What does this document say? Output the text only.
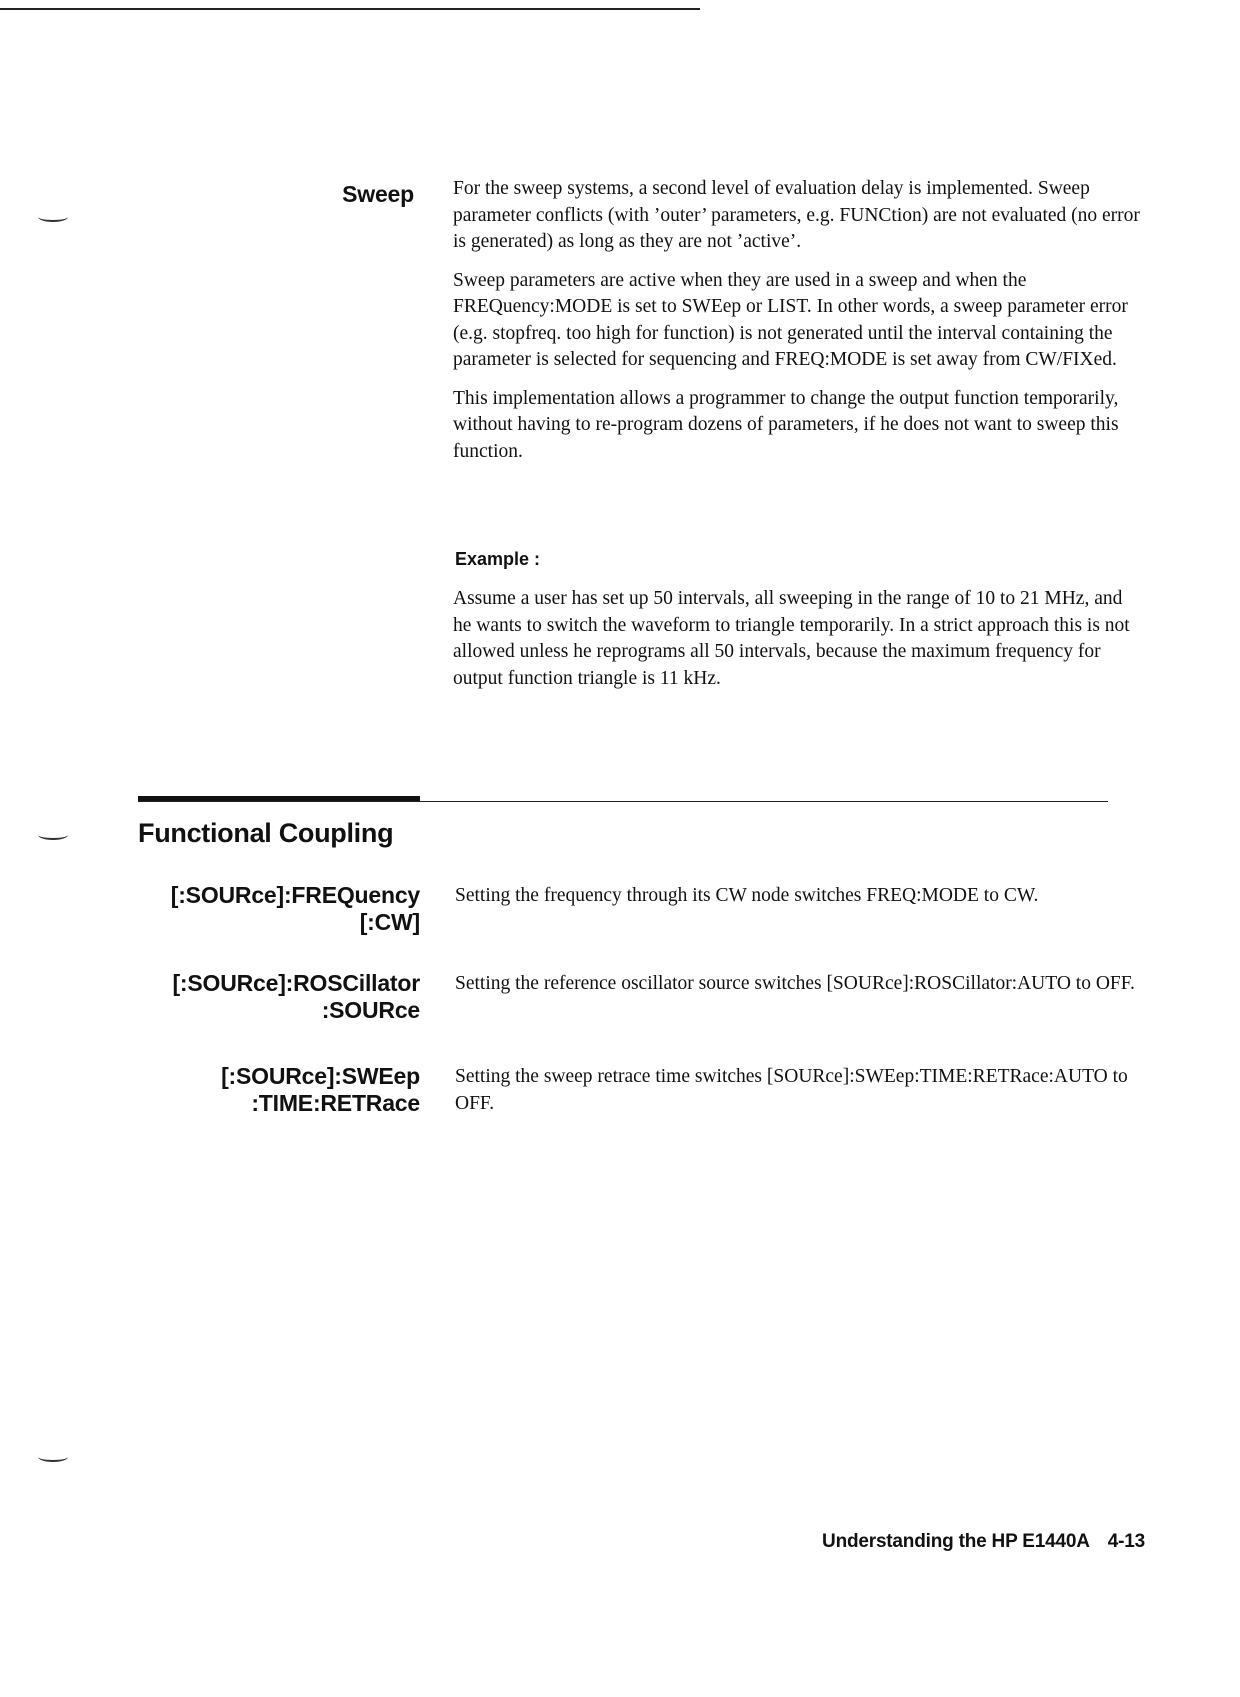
Sweep For the sweep systems, a second level of evaluation delay is implemented. Sweep parameter conflicts (with ’outer’ parameters, e.g. FUNCtion) are not evaluated (no error is generated) as long as they are not ’active’.

Sweep parameters are active when they are used in a sweep and when the FREQuency:MODE is set to SWEep or LIST. In other words, a sweep parameter error (e.g. stopfreq. too high for function) is not generated until the interval containing the parameter is selected for sequencing and FREQ:MODE is set away from CW/FIXed.

This implementation allows a programmer to change the output function temporarily, without having to re-program dozens of parameters, if he does not want to sweep this function.

Example :

Assume a user has set up 50 intervals, all sweeping in the range of 10 to 21 MHz, and he wants to switch the waveform to triangle temporarily. In a strict approach this is not allowed unless he reprograms all 50 intervals, because the maximum frequency for output function triangle is 11 kHz.

Functional Coupling
[:SOURce]:FREQuency
[:CW]
Setting the frequency through its CW node switches FREQ:MODE to CW.
[:SOURce]:ROSCillator
:SOURce
Setting the reference oscillator source switches [SOURce]:ROSCillator:AUTO to OFF.
[:SOURce]:SWEep
:TIME:RETRace
Setting the sweep retrace time switches [SOURce]:SWEep:TIME:RETRace:AUTO to OFF.
Understanding the HP E1440A 4-13
